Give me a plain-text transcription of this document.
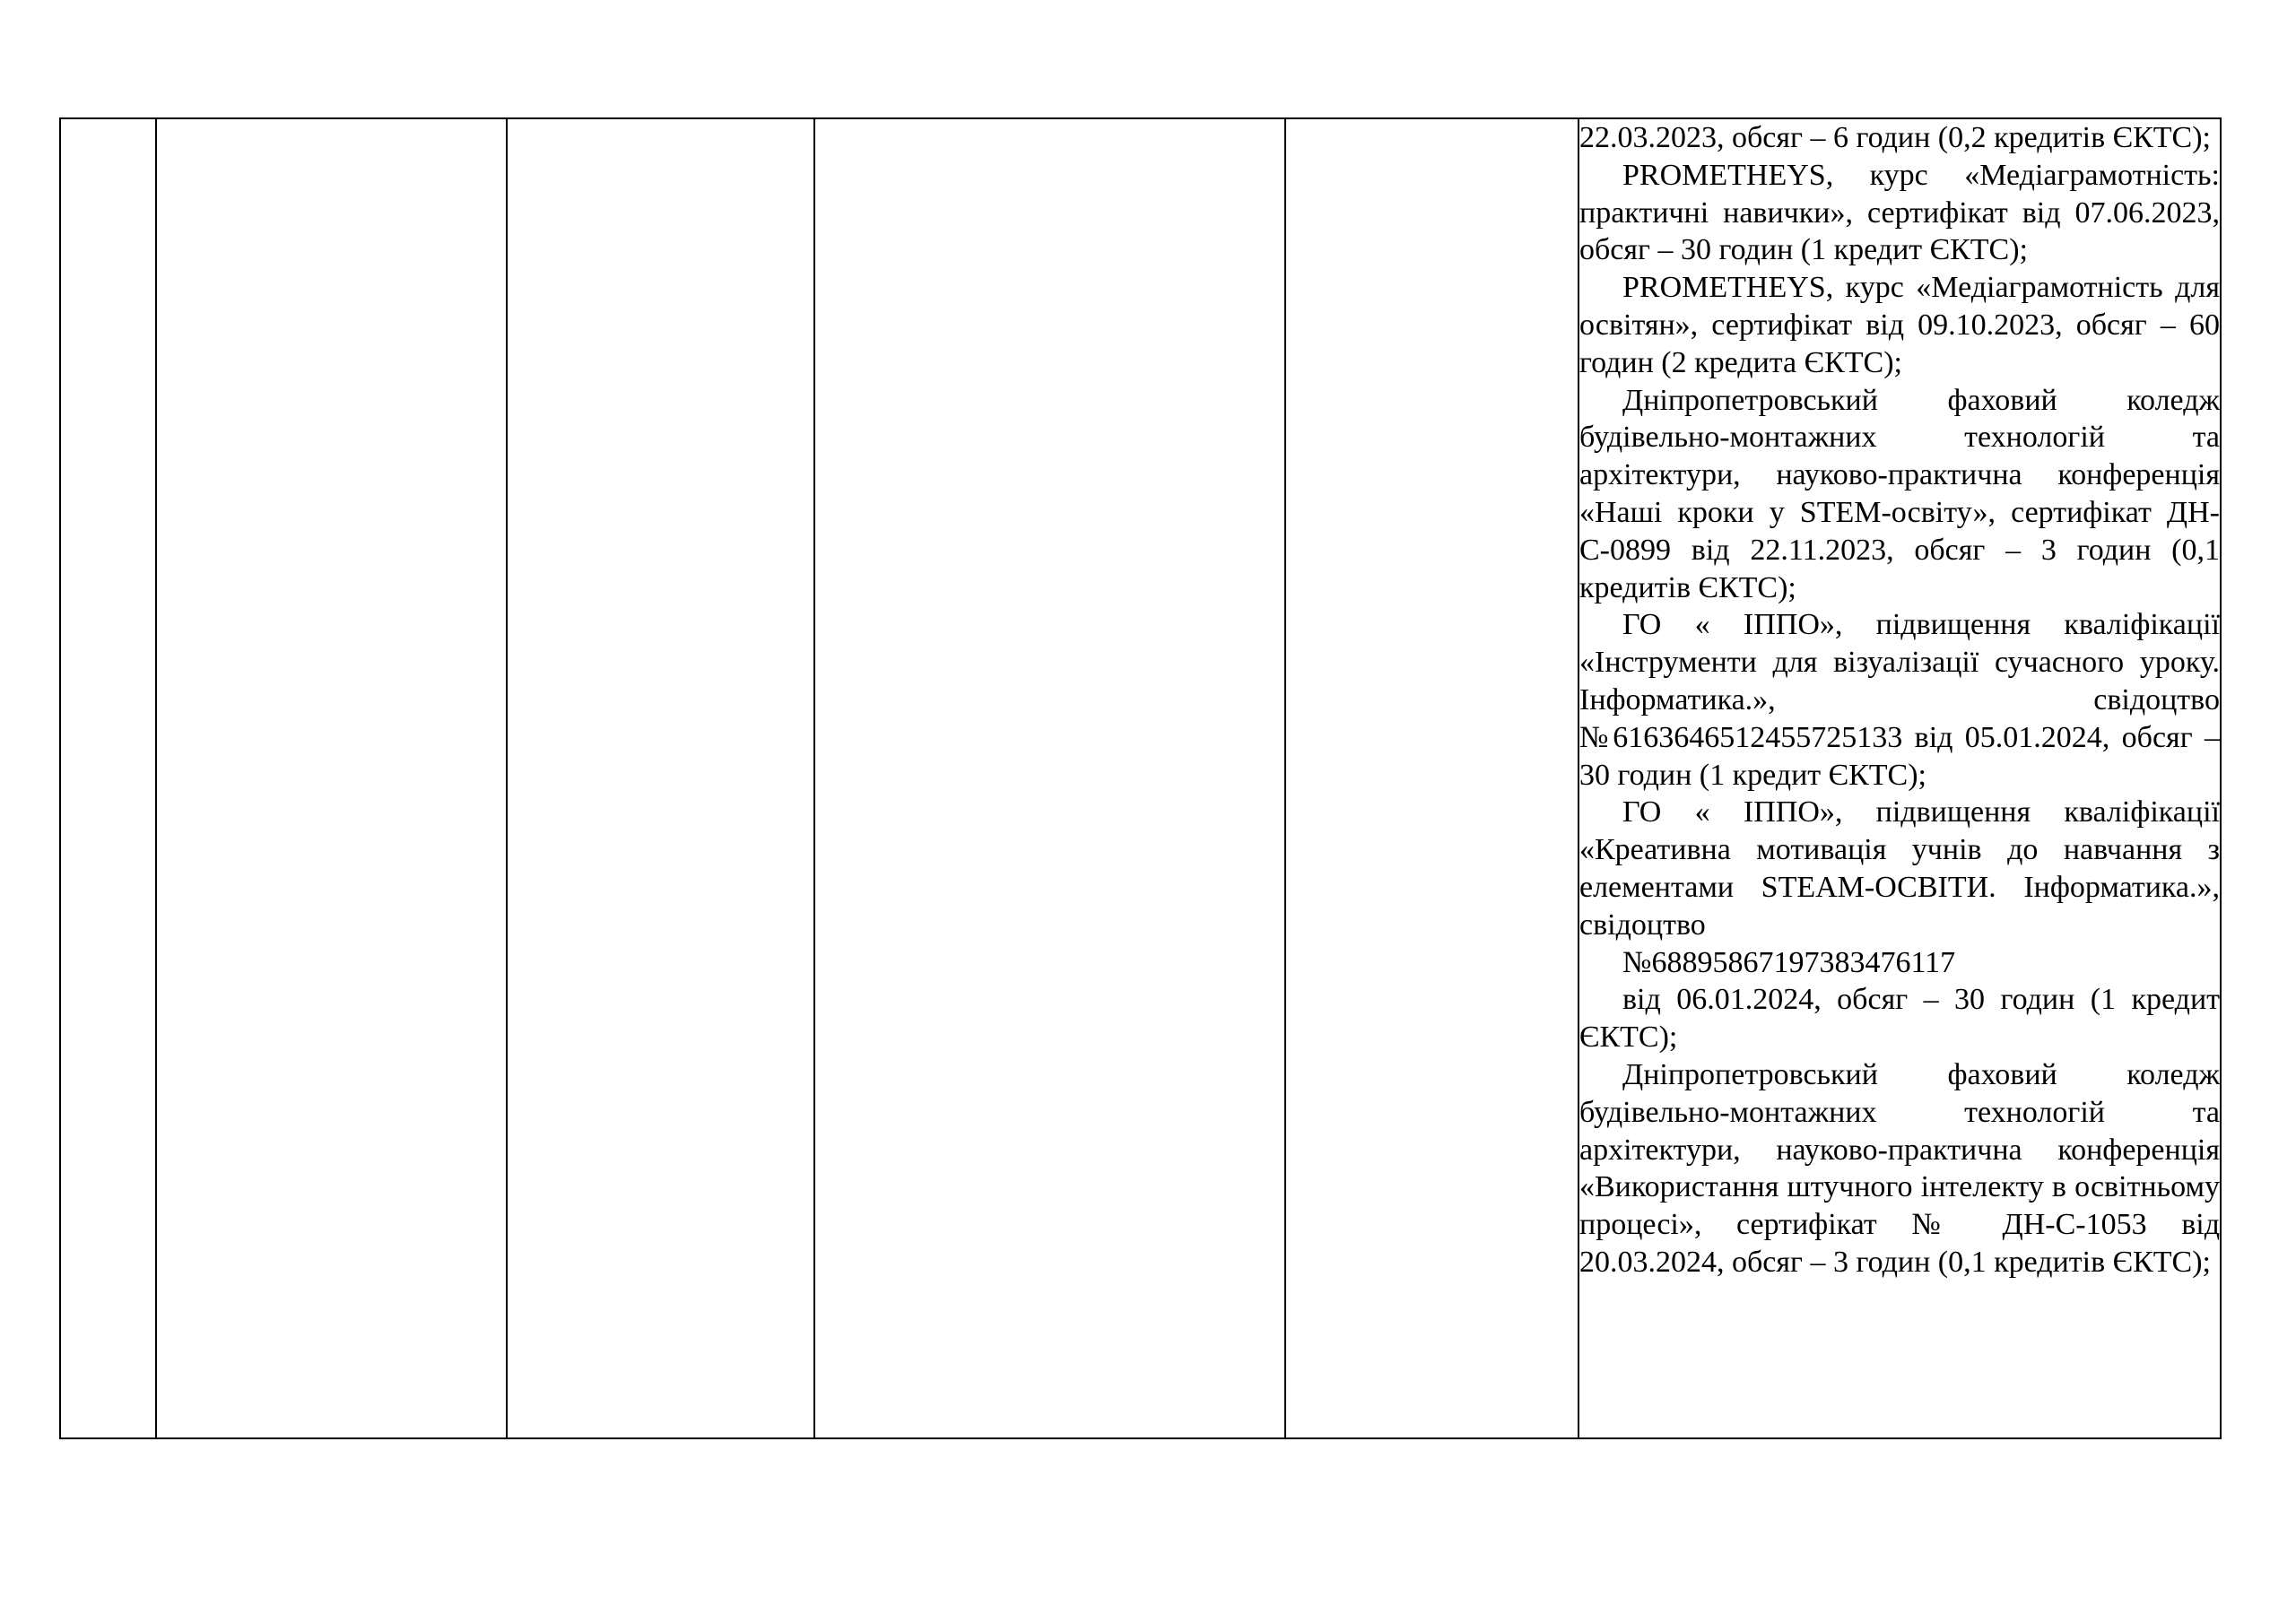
22.03.2023, обсяг – 6 годин (0,2 кредитів ЄКТС);

PROMETHEYS, курс «Медіаграмотність: практичні навички», сертифікат від 07.06.2023, обсяг – 30 годин (1 кредит ЄКТС);

PROMETHEYS, курс «Медіаграмотність для освітян», сертифікат від 09.10.2023, обсяг – 60 годин (2 кредита ЄКТС);

Дніпропетровський фаховий коледж будівельно-монтажних технологій та архітектури, науково-практична конференція «Наші кроки у STEM-освіту», сертифікат ДН-С-0899 від 22.11.2023, обсяг – 3 годин (0,1 кредитів ЄКТС);

ГО « ІППО», підвищення кваліфікації «Інструменти для візуалізації сучасного уроку. Інформатика.», свідоцтво №6163646512455725133 від 05.01.2024, обсяг – 30 годин (1 кредит ЄКТС);

ГО « ІППО», підвищення кваліфікації «Креативна мотивація учнів до навчання з елементами STEAM-ОСВІТИ. Інформатика.», свідоцтво

№6889586719738347611​7

від 06.01.2024, обсяг – 30 годин (1 кредит ЄКТС);

Дніпропетровський фаховий коледж будівельно-монтажних технологій та архітектури, науково-практична конференція «Використання штучного інтелекту в освітньому процесі», сертифікат № ДН-С-1053 від 20.03.2024, обсяг – 3 годин (0,1 кредитів ЄКТС);
